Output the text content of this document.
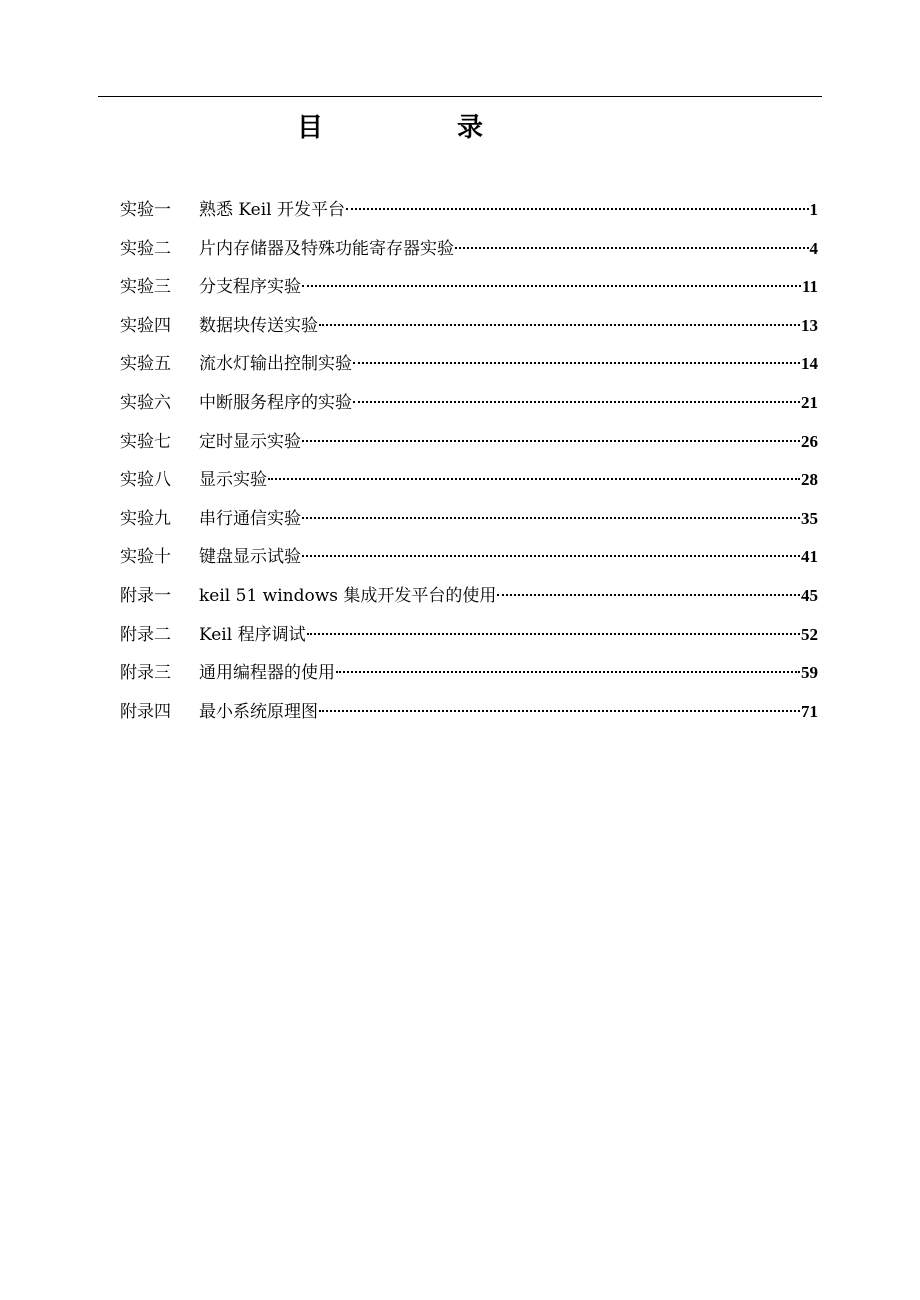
目　录
实验一	熟悉 Keil 开发平台	1
实验二	片内存储器及特殊功能寄存器实验	4
实验三	分支程序实验	11
实验四	数据块传送实验	13
实验五	流水灯输出控制实验	14
实验六	中断服务程序的实验	21
实验七	定时显示实验	26
实验八	显示实验	28
实验九	串行通信实验	35
实验十	键盘显示试验	41
附录一	keil 51 windows 集成开发平台的使用	45
附录二	Keil 程序调试	52
附录三	通用编程器的使用	59
附录四	最小系统原理图	71
